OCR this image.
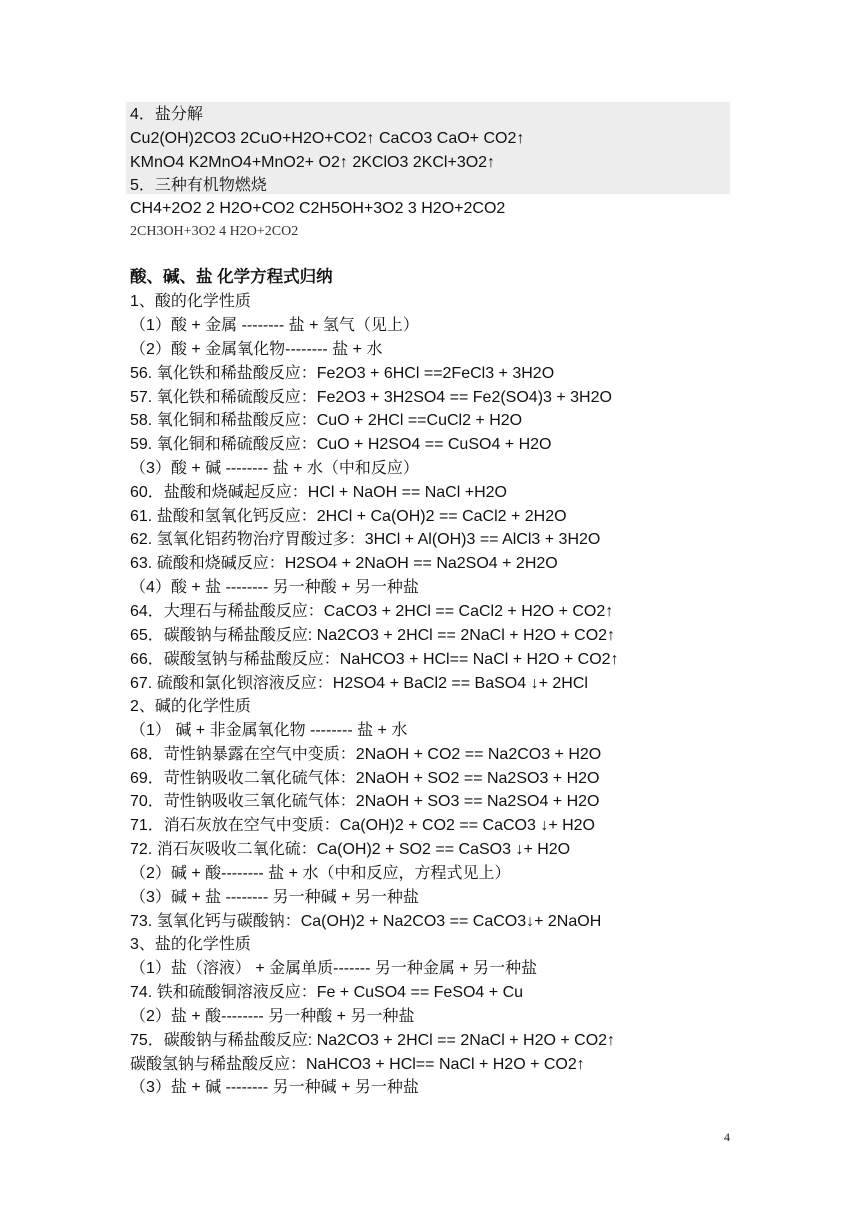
4．盐分解
Cu2(OH)2CO3 2CuO+H2O+CO2↑ CaCO3 CaO+ CO2↑
KMnO4 K2MnO4+MnO2+ O2↑ 2KClO3 2KCl+3O2↑
5．三种有机物燃烧
CH4+2O2 2 H2O+CO2 C2H5OH+3O2 3 H2O+2CO2
2CH3OH+3O2 4 H2O+2CO2
酸、碱、盐 化学方程式归纳
1、酸的化学性质
（1）酸 + 金属 -------- 盐 + 氢气（见上）
（2）酸 + 金属氧化物-------- 盐 + 水
56. 氧化铁和稀盐酸反应：Fe2O3 + 6HCl ==2FeCl3 + 3H2O
57. 氧化铁和稀硫酸反应：Fe2O3 + 3H2SO4 == Fe2(SO4)3 + 3H2O
58. 氧化铜和稀盐酸反应：CuO + 2HCl ==CuCl2 + H2O
59. 氧化铜和稀硫酸反应：CuO + H2SO4 == CuSO4 + H2O
（3）酸 + 碱 -------- 盐 + 水（中和反应）
60．盐酸和烧碱起反应：HCl + NaOH == NaCl +H2O
61. 盐酸和氢氧化钙反应：2HCl + Ca(OH)2 == CaCl2 + 2H2O
62. 氢氧化铝药物治疗胃酸过多：3HCl + Al(OH)3 == AlCl3 + 3H2O
63. 硫酸和烧碱反应：H2SO4 + 2NaOH == Na2SO4 + 2H2O
（4）酸 + 盐 -------- 另一种酸 + 另一种盐
64．大理石与稀盐酸反应：CaCO3 + 2HCl == CaCl2 + H2O + CO2↑
65．碳酸钠与稀盐酸反应: Na2CO3 + 2HCl == 2NaCl + H2O + CO2↑
66．碳酸氢钠与稀盐酸反应：NaHCO3 + HCl== NaCl + H2O + CO2↑
67. 硫酸和氯化钡溶液反应：H2SO4 + BaCl2 == BaSO4 ↓+ 2HCl
2、碱的化学性质
（1） 碱 + 非金属氧化物 -------- 盐 + 水
68．苛性钠暴露在空气中变质：2NaOH + CO2 == Na2CO3 + H2O
69．苛性钠吸收二氧化硫气体：2NaOH + SO2 == Na2SO3 + H2O
70．苛性钠吸收三氧化硫气体：2NaOH + SO3 == Na2SO4 + H2O
71．消石灰放在空气中变质：Ca(OH)2 + CO2 == CaCO3 ↓+ H2O
72. 消石灰吸收二氧化硫：Ca(OH)2 + SO2 == CaSO3 ↓+ H2O
（2）碱 + 酸-------- 盐 + 水（中和反应，方程式见上）
（3）碱 + 盐 -------- 另一种碱 + 另一种盐
73. 氢氧化钙与碳酸钠：Ca(OH)2 + Na2CO3 == CaCO3↓+ 2NaOH
3、盐的化学性质
（1）盐（溶液） + 金属单质------- 另一种金属 + 另一种盐
74. 铁和硫酸铜溶液反应：Fe + CuSO4 == FeSO4 + Cu
（2）盐 + 酸-------- 另一种酸 + 另一种盐
75．碳酸钠与稀盐酸反应: Na2CO3 + 2HCl == 2NaCl + H2O + CO2↑
碳酸氢钠与稀盐酸反应：NaHCO3 + HCl== NaCl + H2O + CO2↑
（3）盐 + 碱 -------- 另一种碱 + 另一种盐
4
